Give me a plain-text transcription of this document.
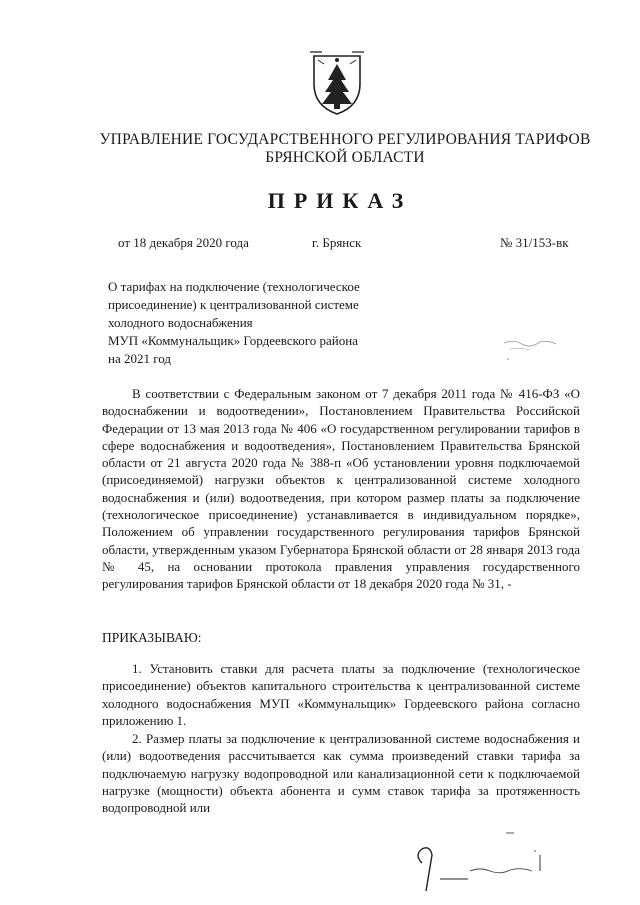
УПРАВЛЕНИЕ ГОСУДАРСТВЕННОГО РЕГУЛИРОВАНИЯ ТАРИФОВ
БРЯНСКОЙ ОБЛАСТИ
ПРИКАЗ
от 18 декабря 2020 года	г. Брянск	№ 31/153-вк
О тарифах на подключение (технологическое
присоединение) к централизованной системе
холодного водоснабжения
МУП «Коммунальщик» Гордеевского района
на 2021 год
В соответствии с Федеральным законом от 7 декабря 2011 года № 416-ФЗ «О водоснабжении и водоотведении», Постановлением Правительства Российской Федерации от 13 мая 2013 года № 406 «О государственном регулировании тарифов в сфере водоснабжения и водоотведения», Постановлением Правительства Брянской области от 21 августа 2020 года № 388-п «Об установлении уровня подключаемой (присоединяемой) нагрузки объектов к централизованной системе холодного водоснабжения и (или) водоотведения, при котором размер платы за подключение (технологическое присоединение) устанавливается в индивидуальном порядке», Положением об управлении государственного регулирования тарифов Брянской области, утвержденным указом Губернатора Брянской области от 28 января 2013 года № 45, на основании протокола правления управления государственного регулирования тарифов Брянской области от 18 декабря 2020 года № 31, -
ПРИКАЗЫВАЮ:
1. Установить ставки для расчета платы за подключение (технологическое присоединение) объектов капитального строительства к централизованной системе холодного водоснабжения МУП «Коммунальщик» Гордеевского района согласно приложению 1.
2. Размер платы за подключение к централизованной системе водоснабжения и (или) водоотведения рассчитывается как сумма произведений ставки тарифа за подключаемую нагрузку водопроводной или канализационной сети к подключаемой нагрузке (мощности) объекта абонента и сумм ставок тарифа за протяженность водопроводной или
